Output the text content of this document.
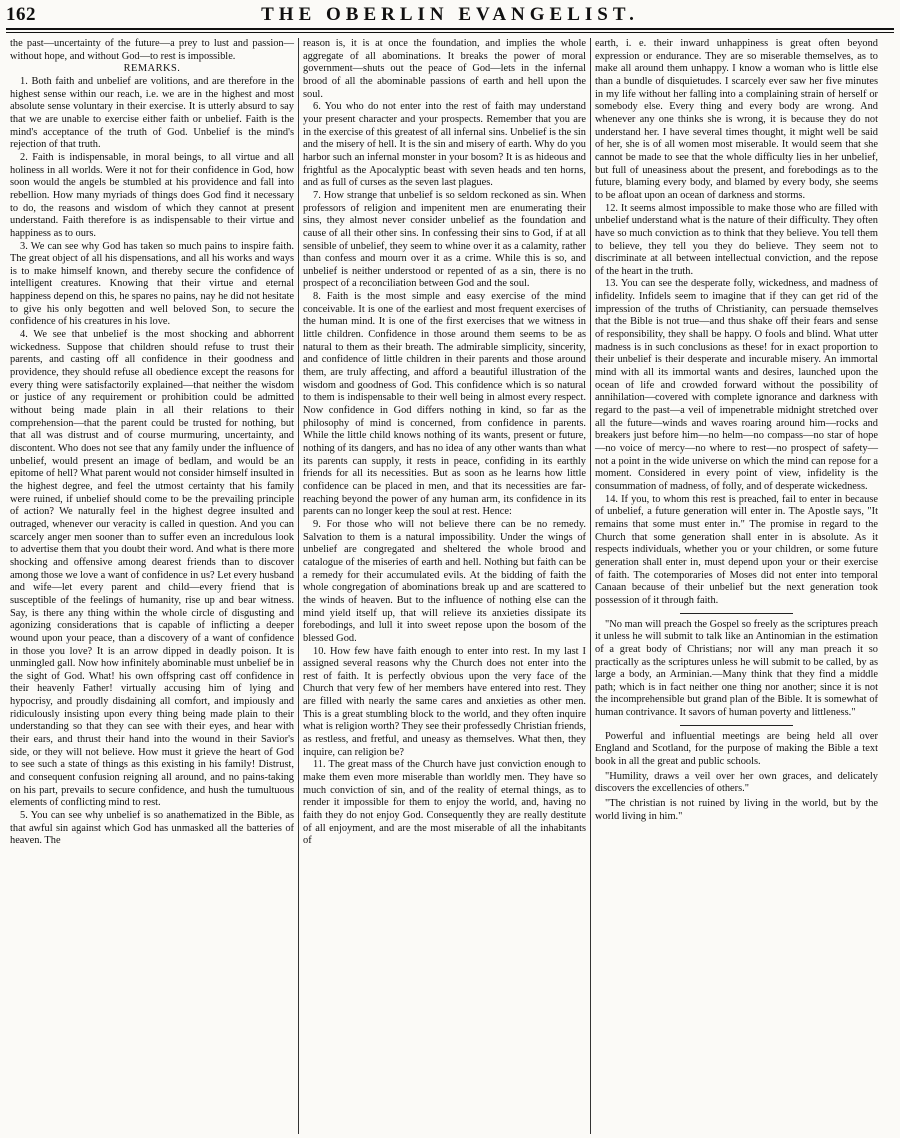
162	THE OBERLIN EVANGELIST.

the past—uncertainty of the future—a prey to lust and passion—without hope, and without God—to rest is impossible.

REMARKS.

1. Both faith and unbelief are volitions, and are therefore in the highest sense within our reach, i.e. we are in the highest and most absolute sense voluntary in their exercise. It is utterly absurd to say that we are unable to exercise either faith or unbelief. Faith is the mind's acceptance of the truth of God. Unbelief is the mind's rejection of that truth.

2. Faith is indispensable, in moral beings, to all virtue and all holiness in all worlds. Were it not for their confidence in God, how soon would the angels be stumbled at his providence and fall into rebellion. How many myriads of things does God find it necessary to do, the reasons and wisdom of which they cannot at present understand. Faith therefore is as indispensable to their virtue and happiness as to ours.

3. We can see why God has taken so much pains to inspire faith. The great object of all his dispensations, and all his works and ways is to make himself known, and thereby secure the confidence of intelligent creatures. Knowing that their virtue and eternal happiness depend on this, he spares no pains, nay he did not hesitate to give his only begotten and well beloved Son, to secure the confidence of his creatures in his love.

4. We see that unbelief is the most shocking and abhorrent wickedness. Suppose that children should refuse to trust their parents, and casting off all confidence in their goodness and providence, they should refuse all obedience except the reasons for every thing were satisfactorily explained—that neither the wisdom or justice of any requirement or prohibition could be admitted without being made plain in all their relations to their comprehension—that the parent could be trusted for nothing, but that all was distrust and of course murmuring, uncertainty, and discontent. Who does not see that any family under the influence of unbelief, would present an image of bedlam, and would be an epitome of hell? What parent would not consider himself insulted in the highest degree, and feel the utmost certainty that his family were ruined, if unbelief should come to be the prevailing principle of action? We naturally feel in the highest degree insulted and outraged, whenever our veracity is called in question. And you can scarcely anger men sooner than to suffer even an incredulous look to advertise them that you doubt their word. And what is there more shocking and offensive among dearest friends than to discover among those we love a want of confidence in us? Let every husband and wife—let every parent and child—every friend that is susceptible of the feelings of humanity, rise up and bear witness. Say, is there any thing within the whole circle of disgusting and agonizing considerations that is capable of inflicting a deeper wound upon your peace, than a discovery of a want of confidence in those you love? It is an arrow dipped in deadly poison. It is unmingled gall. Now how infinitely abominable must unbelief be in the sight of God. What! his own offspring cast off confidence in their heavenly Father! virtually accusing him of lying and hypocrisy, and proudly disdaining all comfort, and impiously and ridiculously insisting upon every thing being made plain to their understanding so that they can see with their eyes, and hear with their ears, and thrust their hand into the wound in their Savior's side, or they will not believe. How must it grieve the heart of God to see such a state of things as this existing in his family! Distrust, and consequent confusion reigning all around, and no pains-taking on his part, prevails to secure confidence, and hush the tumultuous elements of conflicting mind to rest.

5. You can see why unbelief is so anathematized in the Bible, as that awful sin against which God has unmasked all the batteries of heaven. The

reason is, it is at once the foundation, and implies the whole aggregate of all abominations. It breaks the power of moral government—shuts out the peace of God—lets in the infernal brood of all the abominable passions of earth and hell upon the soul.

6. You who do not enter into the rest of faith may understand your present character and your prospects. Remember that you are in the exercise of this greatest of all infernal sins. Unbelief is the sin and the misery of hell. It is the sin and misery of earth. Why do you harbor such an infernal monster in your bosom? It is as hideous and frightful as the Apocalyptic beast with seven heads and ten horns, and as full of curses as the seven last plagues.

7. How strange that unbelief is so seldom reckoned as sin. When professors of religion and impenitent men are enumerating their sins, they almost never consider unbelief as the foundation and cause of all their other sins. In confessing their sins to God, if at all sensible of unbelief, they seem to whine over it as a calamity, rather than confess and mourn over it as a crime. While this is so, and unbelief is neither understood or repented of as a sin, there is no prospect of a reconciliation between God and the soul.

8. Faith is the most simple and easy exercise of the mind conceivable. It is one of the earliest and most frequent exercises of the human mind. It is one of the first exercises that we witness in little children. Confidence in those around them seems to be as natural to them as their breath. The admirable simplicity, sincerity, and confidence of little children in their parents and those around them, are truly affecting, and afford a beautiful illustration of the wisdom and goodness of God. This confidence which is so natural to them is indispensable to their well being in almost every respect. Now confidence in God differs nothing in kind, so far as the philosophy of mind is concerned, from confidence in parents. While the little child knows nothing of its wants, present or future, nothing of its dangers, and has no idea of any other wants than what its parents can supply, it rests in peace, confiding in its earthly friends for all its necessities. But as soon as he learns how little confidence can be placed in men, and that its necessities are far-reaching beyond the power of any human arm, its confidence in its parents can no longer keep the soul at rest. Hence:

9. For those who will not believe there can be no remedy. Salvation to them is a natural impossibility. Under the wings of unbelief are congregated and sheltered the whole brood and catalogue of the miseries of earth and hell. Nothing but faith can be a remedy for their accumulated evils. At the bidding of faith the whole congregation of abominations break up and are scattered to the winds of heaven. But to the influence of nothing else can the mind yield itself up, that will relieve its anxieties dissipate its forebodings, and lull it into sweet repose upon the bosom of the blessed God.

10. How few have faith enough to enter into rest. In my last I assigned several reasons why the Church does not enter into the rest of faith. It is perfectly obvious upon the very face of the Church that very few of her members have entered into rest. They are filled with nearly the same cares and anxieties as other men. This is a great stumbling block to the world, and they often inquire what is religion worth? They see their professedly Christian friends, as restless, and fretful, and uneasy as themselves. What then, they inquire, can religion be?

11. The great mass of the Church have just conviction enough to make them even more miserable than worldly men. They have so much conviction of sin, and of the reality of eternal things, as to render it impossible for them to enjoy the world, and, having no faith they do not enjoy God. Consequently they are really destitute of all enjoyment, and are the most miserable of all the inhabitants of

earth, i. e. their inward unhappiness is great often beyond expression or endurance. They are so miserable themselves, as to make all around them unhappy. I know a woman who is little else than a bundle of disquietudes. I scarcely ever saw her five minutes in my life without her falling into a complaining strain of herself or somebody else. Every thing and every body are wrong. And whenever any one thinks she is wrong, it is because they do not understand her. I have several times thought, it might well be said of her, she is of all women most miserable. It would seem that she cannot be made to see that the whole difficulty lies in her unbelief, but full of uneasiness about the present, and forebodings as to the future, blaming every body, and blamed by every body, she seems to be afloat upon an ocean of darkness and storms.

12. It seems almost impossible to make those who are filled with unbelief understand what is the nature of their difficulty. They often have so much conviction as to think that they believe. You tell them to believe, they tell you they do believe. They seem not to discriminate at all between intellectual conviction, and the repose of the heart in the truth.

13. You can see the desperate folly, wickedness, and madness of infidelity. Infidels seem to imagine that if they can get rid of the impression of the truths of Christianity, can persuade themselves that the Bible is not true—and thus shake off their fears and sense of responsibility, they shall be happy. O fools and blind. What utter madness is in such conclusions as these! for in exact proportion to their unbelief is their desperate and incurable misery. An immortal mind with all its immortal wants and desires, launched upon the ocean of life and crowded forward without the possibility of annihilation—covered with complete ignorance and darkness with regard to the past—a veil of impenetrable midnight stretched over all the future—winds and waves roaring around him—rocks and breakers just before him—no helm—no compass—no star of hope—no voice of mercy—no where to rest—no prospect of safety—not a point in the wide universe on which the mind can repose for a moment. Considered in every point of view, infidelity is the consummation of madness, of folly, and of desperate wickedness.

14. If you, to whom this rest is preached, fail to enter in because of unbelief, a future generation will enter in. The Apostle says, "It remains that some must enter in." The promise in regard to the Church that some generation shall enter in is absolute. As it respects individuals, whether you or your children, or some future generation shall enter in, must depend upon your or their exercise of faith. The cotemporaries of Moses did not enter into temporal Canaan because of their unbelief but the next generation took possession of it through faith.

"No man will preach the Gospel so freely as the scriptures preach it unless he will submit to talk like an Antinomian in the estimation of a great body of Christians; nor will any man preach it so practically as the scriptures unless he will submit to be called, by as large a body, an Arminian.—Many think that they find a middle path; which is in fact neither one thing nor another; since it is not the incomprehensible but grand plan of the Bible. It is somewhat of human contrivance. It savors of human poverty and littleness."

Powerful and influential meetings are being held all over England and Scotland, for the purpose of making the Bible a text book in all the great and public schools.

"Humility, draws a veil over her own graces, and delicately discovers the excellencies of others."

"The christian is not ruined by living in the world, but by the world living in him."
